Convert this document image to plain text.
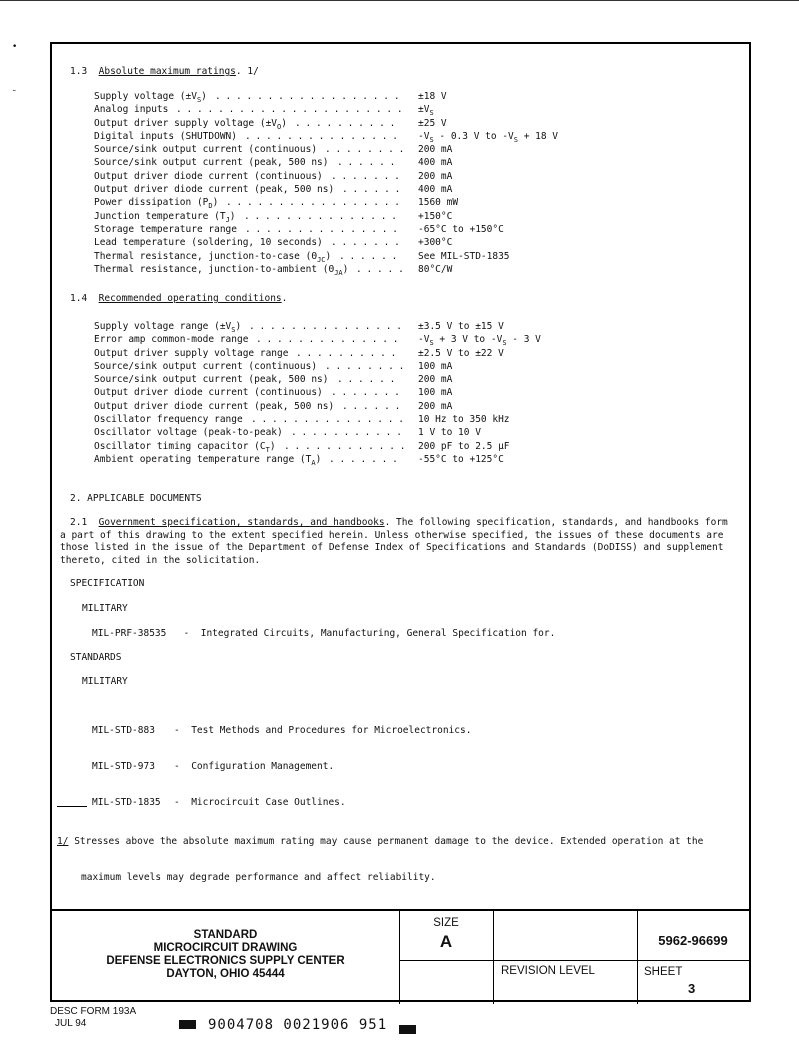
•
˘
1.3 Absolute maximum ratings. 1/
Supply voltage $(\pm V_S)$ .................. ±18 V
Analog inputs ...................... $\pm V_S$
Output driver supply voltage $(\pm V_O)$ .......... ±25 V
Digital inputs (SHUTDOWN) ............... $-V_S - 0.3$ V to $-V_S + 18$ V
Source/sink output current (continuous) ........ 200 mA
Source/sink output current (peak, 500 ns) ...... 400 mA
Output driver diode current (continuous) ....... 200 mA
Output driver diode current (peak, 500 ns) ...... 400 mA
Power dissipation $(P_D)$ ................. 1560 mW
Junction temperature $(T_J)$ ............... +150°C
Storage temperature range ............... -65°C to +150°C
Lead temperature (soldering, 10 seconds) ....... +300°C
Thermal resistance, junction-to-case $(\Theta_{JC})$ ...... See MIL-STD-1835
Thermal resistance, junction-to-ambient $(\Theta_{JA})$ ..... 80°C/W
1.4 Recommended operating conditions.
Supply voltage range $(\pm V_S)$ ............... ±3.5 V to ±15 V
Error amp common-mode range .............. $-V_S + 3$ V to $-V_S - 3$ V
Output driver supply voltage range .......... ±2.5 V to ±22 V
Source/sink output current (continuous) ........ 100 mA
Source/sink output current (peak, 500 ns) ...... 200 mA
Output driver diode current (continuous) ....... 100 mA
Output driver diode current (peak, 500 ns) ...... 200 mA
Oscillator frequency range ............... 10 Hz to 350 kHz
Oscillator voltage (peak-to-peak) ........... 1 V to 10 V
Oscillator timing capacitor $(C_T)$ ............ 200 pF to 2.5 µF
Ambient operating temperature range $(T_A)$ ....... -55°C to +125°C
2. APPLICABLE DOCUMENTS
2.1 Government specification, standards, and handbooks. The following specification, standards, and handbooks form
a part of this drawing to the extent specified herein. Unless otherwise specified, the issues of these documents are
those listed in the issue of the Department of Defense Index of Specifications and Standards (DoDISS) and supplement
thereto, cited in the solicitation.
SPECIFICATION
MILITARY
MIL-PRF-38535 - Integrated Circuits, Manufacturing, General Specification for.
STANDARDS
MILITARY

MIL-STD-883 - Test Methods and Procedures for Microelectronics.

MIL-STD-973 - Configuration Management.

MIL-STD-1835 - Microcircuit Case Outlines.

1/ Stresses above the absolute maximum rating may cause permanent damage to the device. Extended operation at the

maximum levels may degrade performance and affect reliability.

STANDARD
MICROCIRCUIT DRAWING
DEFENSE ELECTRONICS SUPPLY CENTER
DAYTON, OHIO 45444
SIZE
A	5962-96699
REVISION LEVEL	SHEET
3
DESC FORM 193A
JUL 94	9004708 0021906 951
